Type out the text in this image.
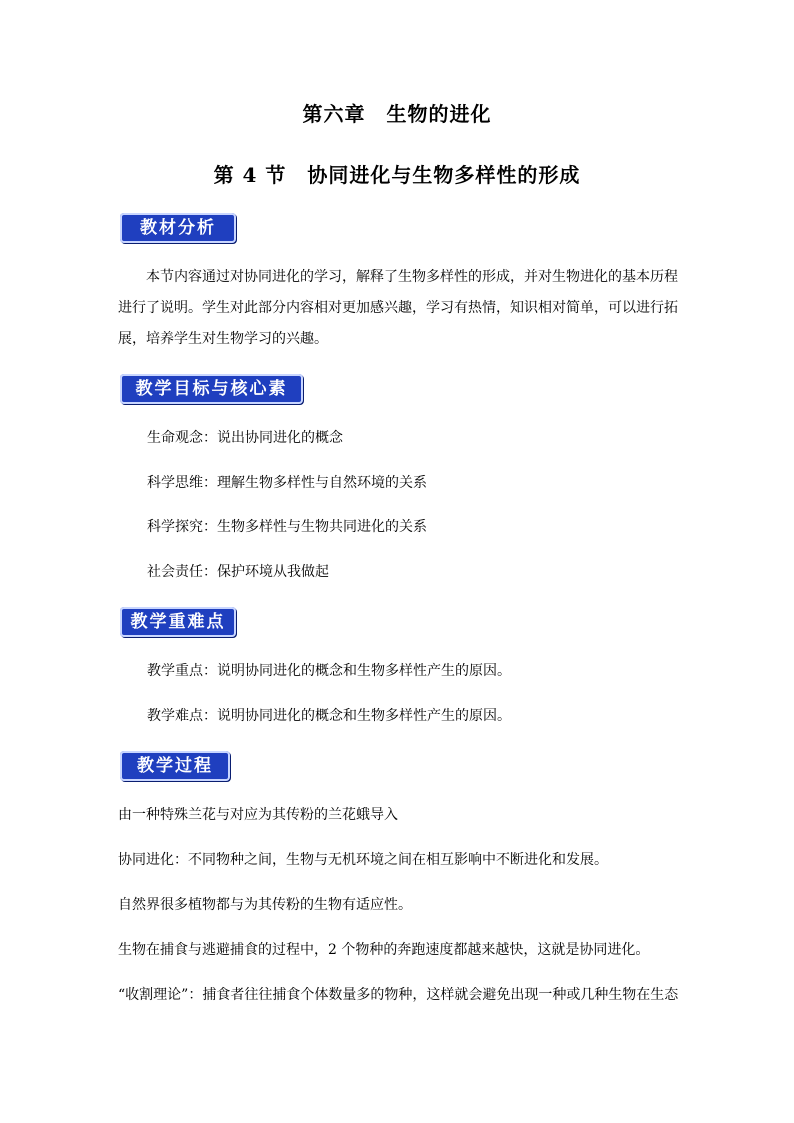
第六章　生物的进化
第 4 节　协同进化与生物多样性的形成
教材分析
本节内容通过对协同进化的学习，解释了生物多样性的形成，并对生物进化的基本历程进行了说明。学生对此部分内容相对更加感兴趣，学习有热情，知识相对简单，可以进行拓展，培养学生对生物学习的兴趣。
教学目标与核心素养
生命观念：说出协同进化的概念
科学思维：理解生物多样性与自然环境的关系
科学探究：生物多样性与生物共同进化的关系
社会责任：保护环境从我做起
教学重难点
教学重点：说明协同进化的概念和生物多样性产生的原因。
教学难点：说明协同进化的概念和生物多样性产生的原因。
教学过程
由一种特殊兰花与对应为其传粉的兰花蛾导入
协同进化：不同物种之间，生物与无机环境之间在相互影响中不断进化和发展。
自然界很多植物都与为其传粉的生物有适应性。
生物在捕食与逃避捕食的过程中，2 个物种的奔跑速度都越来越快，这就是协同进化。
“收割理论”：捕食者往往捕食个体数量多的物种，这样就会避免出现一种或几种生物在生态
